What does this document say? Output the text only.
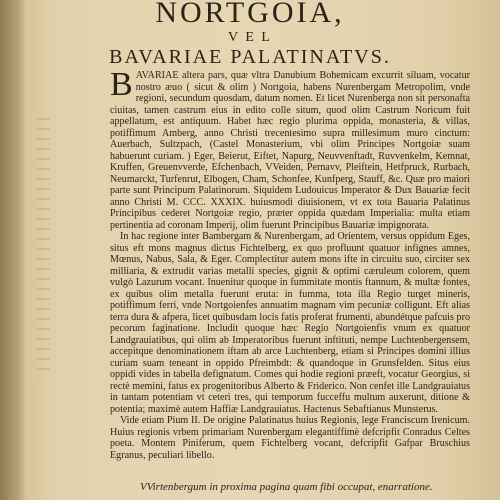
NORTGOIA,
V E L
BAVARIAE PALATINATVS.

B AVARIAE altera pars, quæ vltra Danubium Bohemicam excurrit siluam, vocatur nostro æuo ( sicut & olim ) Nortgoia, habens Nurenbergam Metropolim, vnde regioni, secundum quosdam, datum nomen. Et licet Nurenberga non sit personafta ciuitas, tamen castrum eius in edito colle situm, quod olim Castrum Noricum fuit appellatum, est antiquum. Habet hæc regio plurima oppida, monasteria, & villas, potiffimum Amberg, anno Christi trecentesimo supra millesimum muro cinctum: Auerbach, Sultzpach, (Castel Monasterium, vbi olim Principes Nortgoiæ suam habuerunt curiam. ) Eger, Beierut, Eiftet, Napurg, Neuvvenftadt, Ruvvenkelm, Kemnat, Kruffen, Greuenvverde, Efchenbach, VVeiden, Pernavv, Pleiftein, Hetfpruck, Rurbach, Neumarckt, Turfenrut, Elbogen, Cham, Schonfee, Kunfperg, Stauff, &c. Quæ pro maiori parte sunt Principum Palatinorum. Siquidem Ludouicus Imperator & Dux Bauariæ fecit anno Christi M. CCC. XXXIX. huiusmodi diuisionem, vt ex tota Bauaria Palatinus Principibus cederet Nortgoiæ regio, præter oppida quædam Imperialia: multa etiam pertinentia ad coronam Imperij, olim fuerunt Principibus Bauariæ impignorata.

In hac regione inter Bambergam & Nurenbergam, ad Orientem, versus oppidum Eges, situs eft mons magnus dictus Fichtelberg, ex quo profluunt quatuor infignes amnes, Mœnus, Nabus, Sala, & Eger. Complectitur autem mons ifte in circuitu suo, circiter sex milliaria, & extrudit varias metalli species, gignit & optimi cæruleum colorem, quem vulgò Lazurum vocant. Inuenitur quoque in fummitate montis ftannum, & multæ fontes, ex quibus olim metalla fuerunt eruta: in fumma, tota illa Regio turget mineris, potiffimum ferri, vnde Nortgoienfes annuatim magnam vim pecuniæ colligunt. Eft alias terra dura & afpera, licet quibusdam locis fatis proferat frumenti, abundétque pafcuis pro pecorum faginatione. Includit quoque hæc Regio Nortgoienfis vnum ex quatuor Landgrauiatibus, qui olim ab Imperatoribus fuerunt inftituti, nempe Luchtenbergensem, accepitque denominationem iftam ab arce Luchtenberg, etiam si Principes domini illius curiam suam teneant in oppido Pfreimbdt: & quandoque in Grunsfelden. Situs eius oppidi vides in tabella defignatum. Comes qui hodie regioni præeft, vocatur Georgius, si rectè memini, fatus ex progenitoribus Alberto & Friderico. Non cenfet ille Landgrauiatus in tantam potentiam vt ceteri tres, qui temporum fucceffu multum auxerunt, ditione & potentia; maximè autem Haffiæ Landgrauiatus. Hactenus Sebaftianus Munsterus.

Vide etiam Pium II. De origine Palatinatus huius Regionis, lege Franciscum Irenicum. Huius regionis vrbem primariam Nurenbergam elegantiffimè defcripfit Conradus Celtes poeta. Montem Piniferum, quem Fichtelberg vocant, defcripfit Gafpar Bruschius Egranus, peculiari libello.

VVirtenbergum in proxima pagina quam fibi occupat, enarratione.
